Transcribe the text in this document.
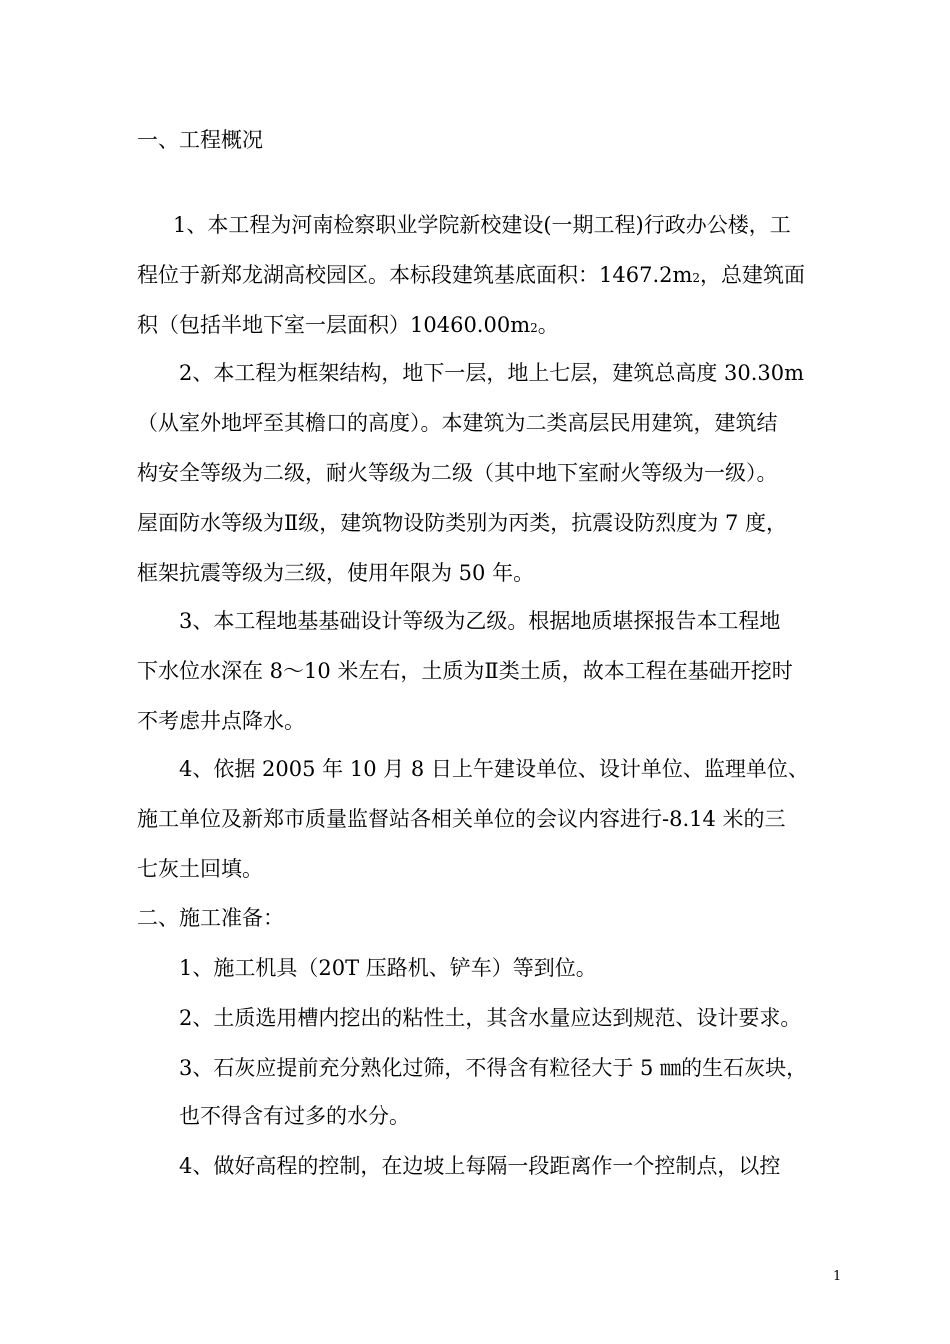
一、工程概况
1、本工程为河南检察职业学院新校建设(一期工程)行政办公楼，工
程位于新郑龙湖高校园区。本标段建筑基底面积：1467.2m2，总建筑面
积（包括半地下室一层面积）10460.00m2。
2、本工程为框架结构，地下一层，地上七层，建筑总高度 30.30m
（从室外地坪至其檐口的高度）。本建筑为二类高层民用建筑，建筑结
构安全等级为二级，耐火等级为二级（其中地下室耐火等级为一级）。
屋面防水等级为Ⅱ级，建筑物设防类别为丙类，抗震设防烈度为 7 度，
框架抗震等级为三级，使用年限为 50 年。
3、本工程地基基础设计等级为乙级。根据地质堪探报告本工程地
下水位水深在 8～10 米左右，土质为Ⅱ类土质，故本工程在基础开挖时
不考虑井点降水。
4、依据 2005 年 10 月 8 日上午建设单位、设计单位、监理单位、
施工单位及新郑市质量监督站各相关单位的会议内容进行-8.14 米的三
七灰土回填。
二、施工准备：
1、施工机具（20T 压路机、铲车）等到位。
2、土质选用槽内挖出的粘性土，其含水量应达到规范、设计要求。
3、石灰应提前充分熟化过筛，不得含有粒径大于 5 ㎜的生石灰块，
也不得含有过多的水分。
4、做好高程的控制，在边坡上每隔一段距离作一个控制点，以控
1
